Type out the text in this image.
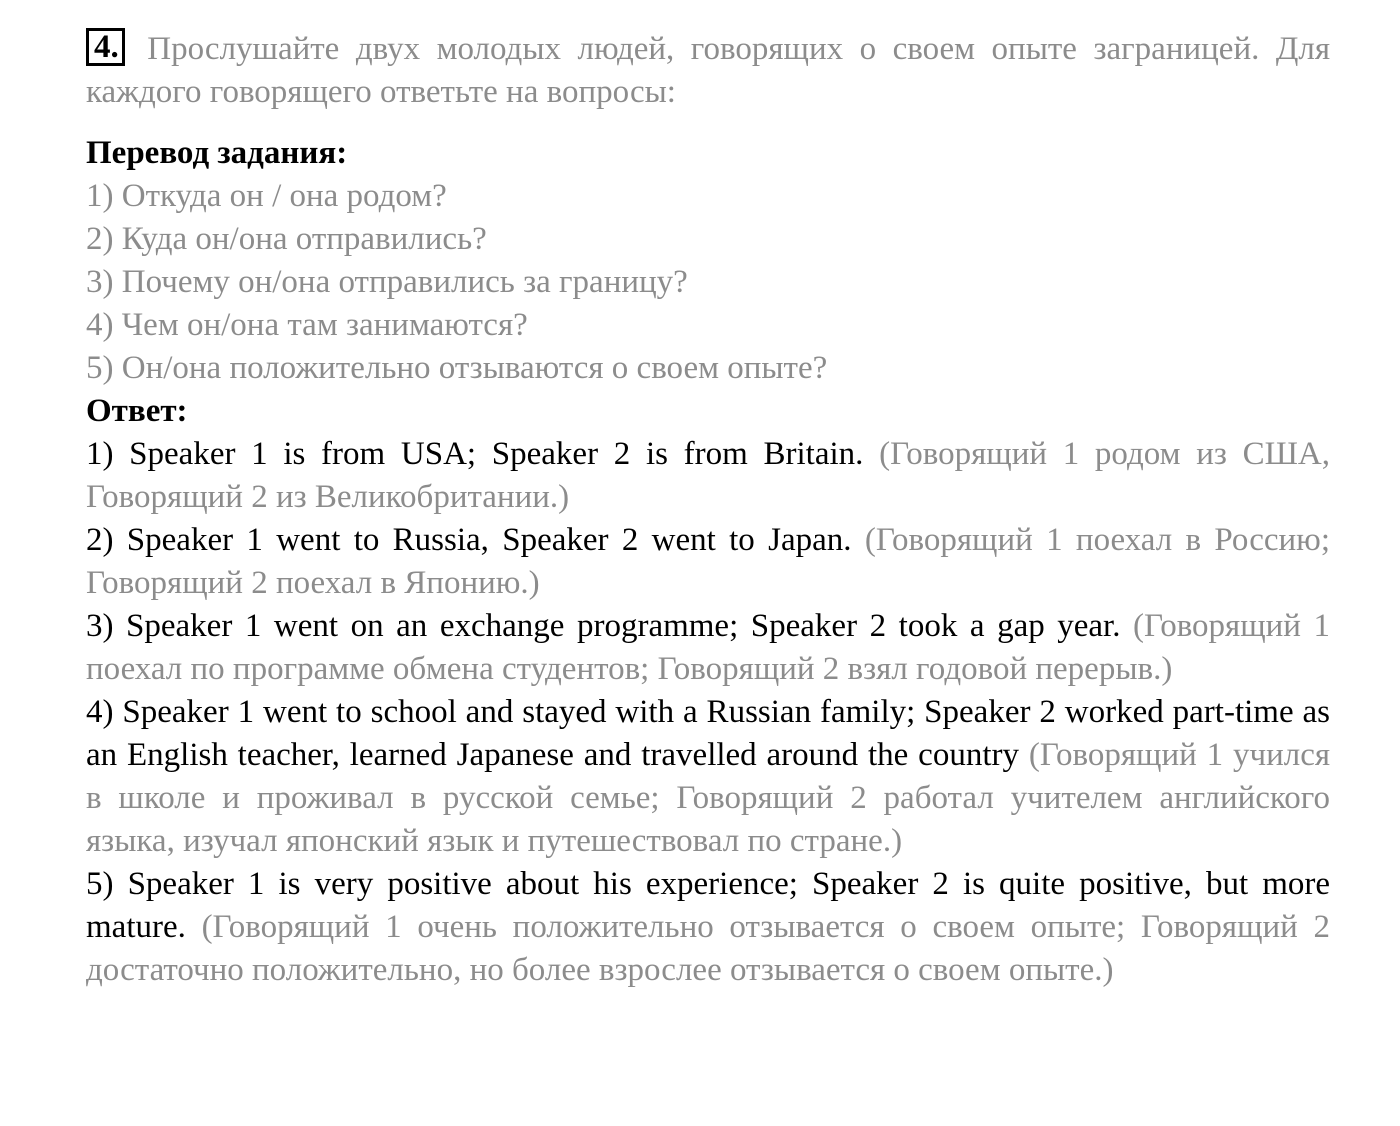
4. Прослушайте двух молодых людей, говорящих о своем опыте заграницей. Для каждого говорящего ответьте на вопросы:

Перевод задания:

1) Откуда он / она родом?

2) Куда он/она отправились?

3) Почему он/она отправились за границу?

4) Чем он/она там занимаются?

5) Он/она положительно отзываются о своем опыте?

Ответ:

1) Speaker 1 is from USA; Speaker 2 is from Britain. (Говорящий 1 родом из США, Говорящий 2 из Великобритании.)

2) Speaker 1 went to Russia, Speaker 2 went to Japan. (Говорящий 1 поехал в Россию; Говорящий 2 поехал в Японию.)

3) Speaker 1 went on an exchange programme; Speaker 2 took a gap year. (Говорящий 1 поехал по программе обмена студентов; Говорящий 2 взял годовой перерыв.)

4) Speaker 1 went to school and stayed with a Russian family; Speaker 2 worked part-time as an English teacher, learned Japanese and travelled around the country (Говорящий 1 учился в школе и проживал в русской семье; Говорящий 2 работал учителем английского языка, изучал японский язык и путешествовал по стране.)

5) Speaker 1 is very positive about his experience; Speaker 2 is quite positive, but more mature. (Говорящий 1 очень положительно отзывается о своем опыте; Говорящий 2 достаточно положительно, но более взрослее отзывается о своем опыте.)
